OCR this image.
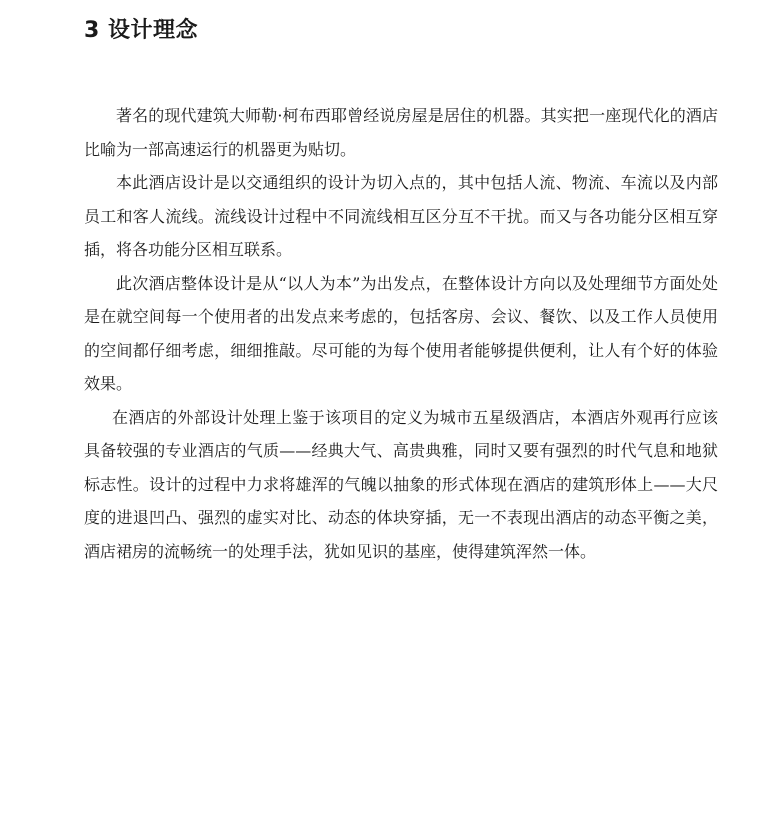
3 设计理念

著名的现代建筑大师勒·柯布西耶曾经说房屋是居住的机器。其实把一座现代化的酒店比喻为一部高速运行的机器更为贴切。

本此酒店设计是以交通组织的设计为切入点的，其中包括人流、物流、车流以及内部员工和客人流线。流线设计过程中不同流线相互区分互不干扰。而又与各功能分区相互穿插，将各功能分区相互联系。

此次酒店整体设计是从“以人为本”为出发点，在整体设计方向以及处理细节方面处处是在就空间每一个使用者的出发点来考虑的，包括客房、会议、餐饮、以及工作人员使用的空间都仔细考虑，细细推敲。尽可能的为每个使用者能够提供便利，让人有个好的体验效果。

在酒店的外部设计处理上鉴于该项目的定义为城市五星级酒店，本酒店外观再行应该具备较强的专业酒店的气质——经典大气、高贵典雅，同时又要有强烈的时代气息和地狱标志性。设计的过程中力求将雄浑的气魄以抽象的形式体现在酒店的建筑形体上——大尺度的进退凹凸、强烈的虚实对比、动态的体块穿插，无一不表现出酒店的动态平衡之美，酒店裙房的流畅统一的处理手法，犹如见识的基座，使得建筑浑然一体。
